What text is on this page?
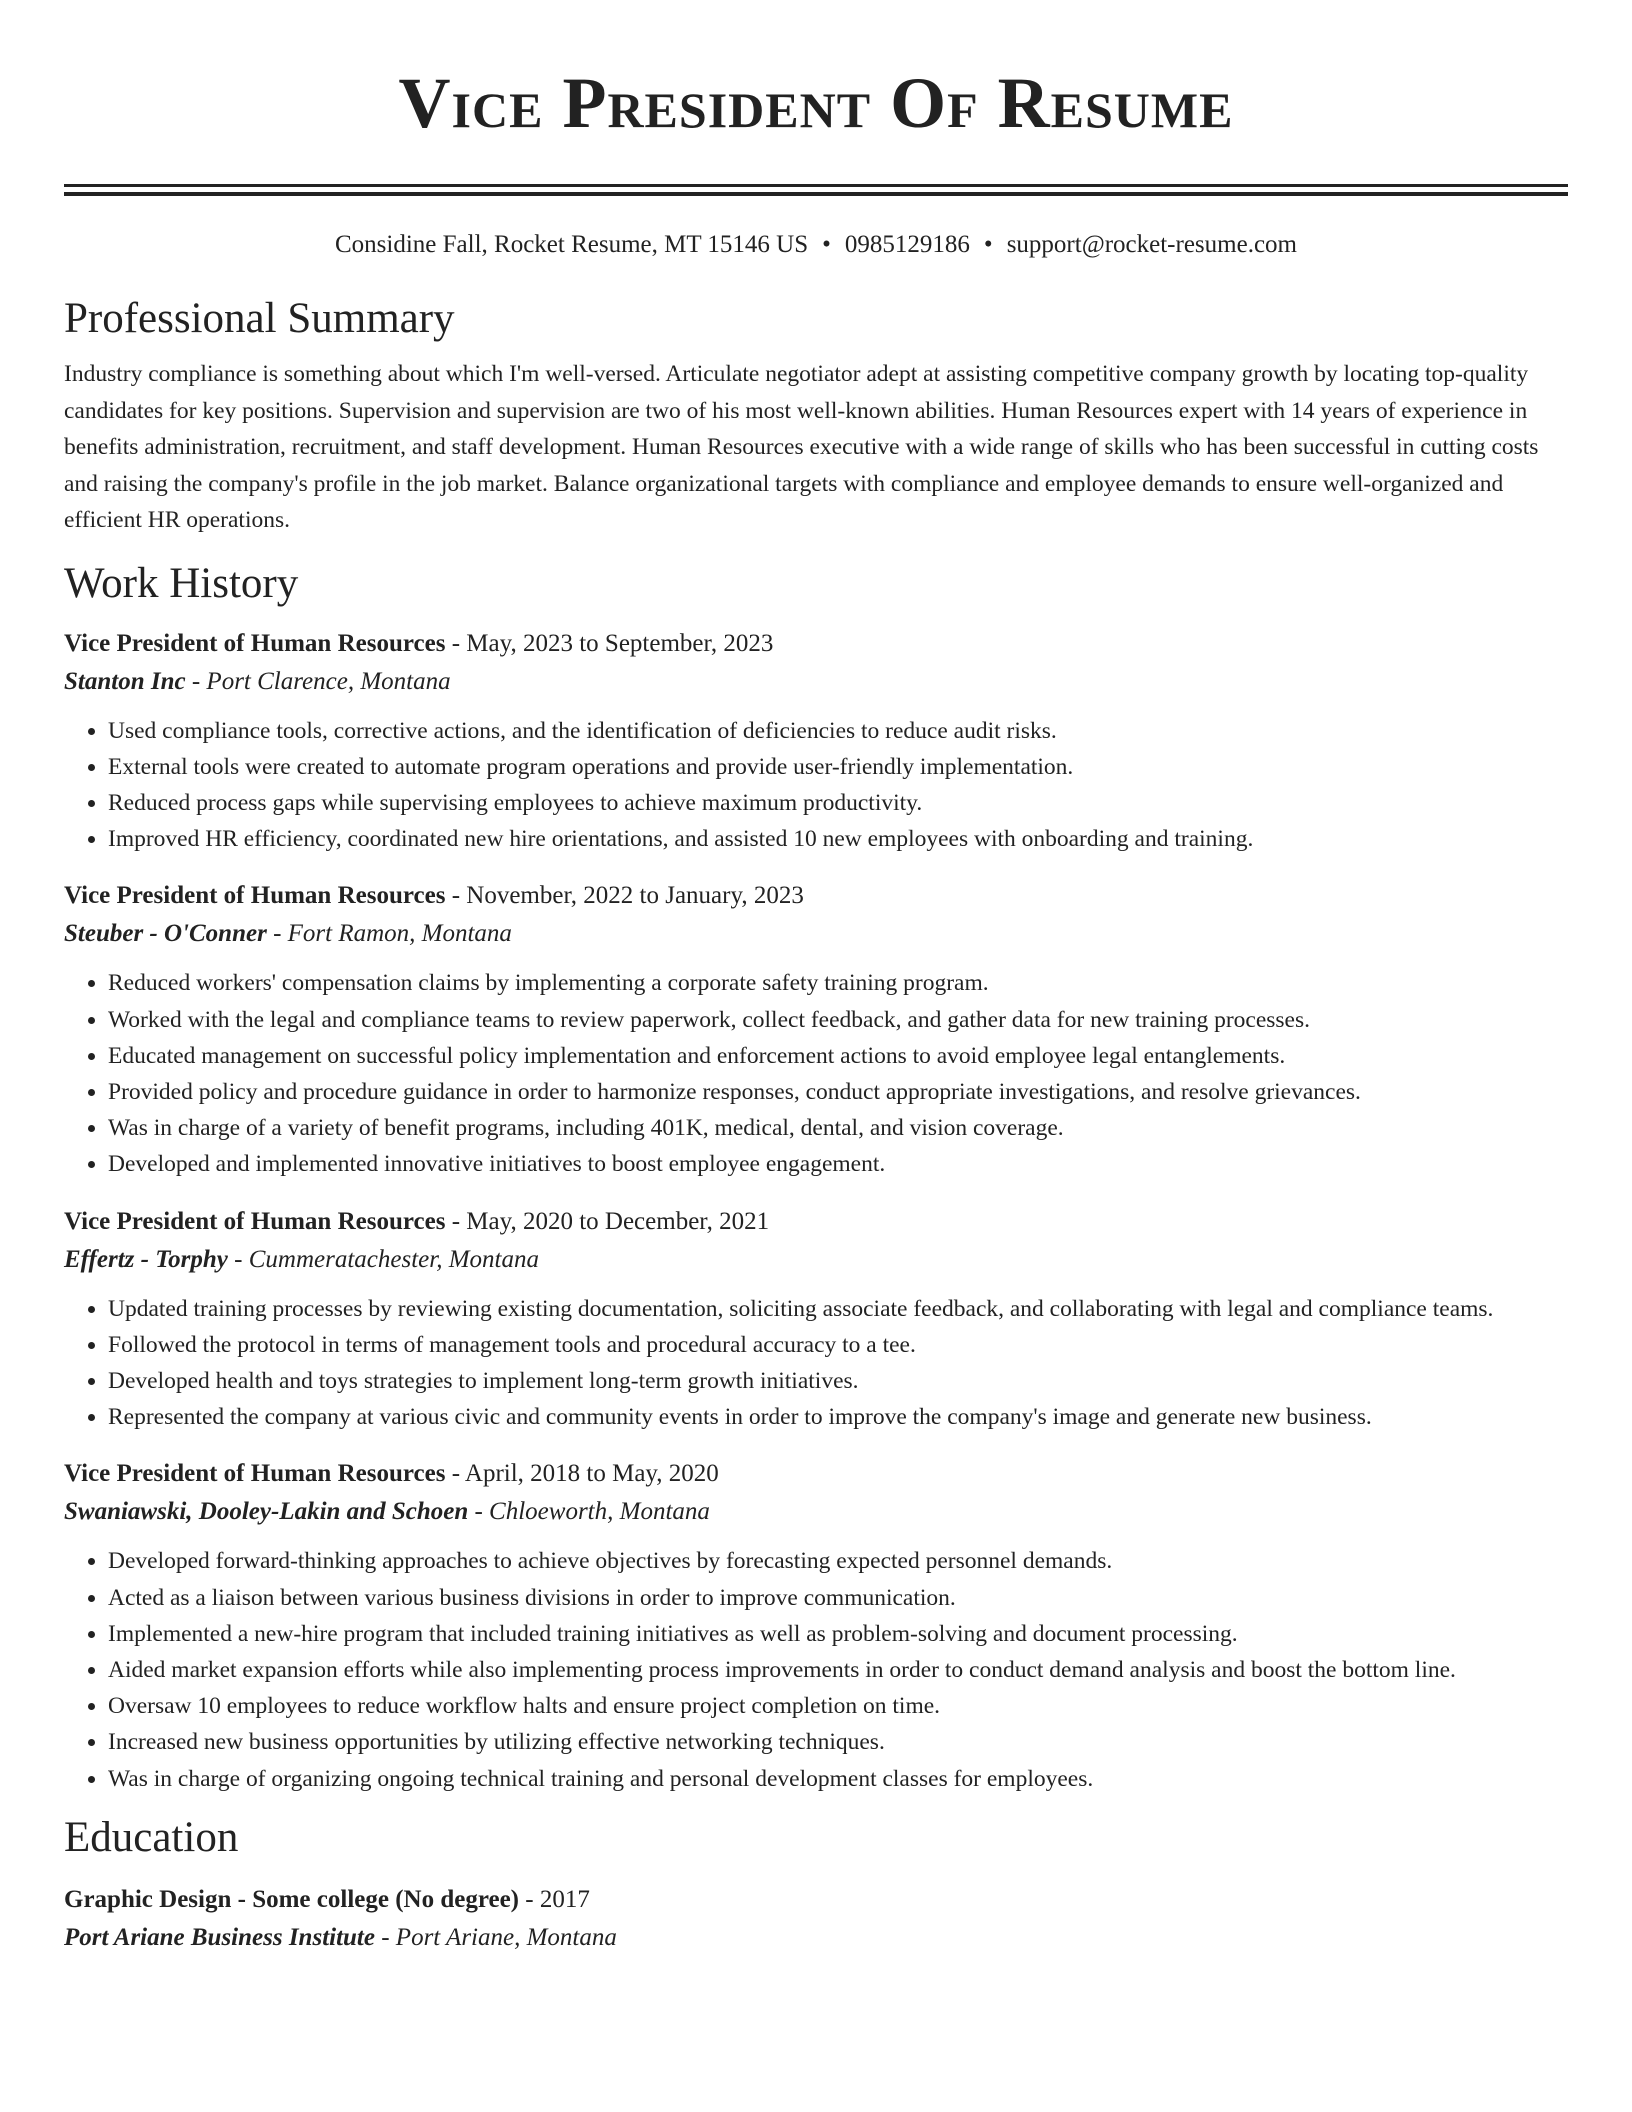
Vice President Of Resume
Considine Fall, Rocket Resume, MT 15146 US • 0985129186 • support@rocket-resume.com
Professional Summary

Industry compliance is something about which I'm well-versed. Articulate negotiator adept at assisting competitive company growth by locating top-quality candidates for key positions. Supervision and supervision are two of his most well-known abilities. Human Resources expert with 14 years of experience in benefits administration, recruitment, and staff development. Human Resources executive with a wide range of skills who has been successful in cutting costs and raising the company's profile in the job market. Balance organizational targets with compliance and employee demands to ensure well-organized and efficient HR operations.

Work History
Vice President of Human Resources - May, 2023 to September, 2023
Stanton Inc - Port Clarence, Montana
• Used compliance tools, corrective actions, and the identification of deficiencies to reduce audit risks.
• External tools were created to automate program operations and provide user-friendly implementation.
• Reduced process gaps while supervising employees to achieve maximum productivity.
• Improved HR efficiency, coordinated new hire orientations, and assisted 10 new employees with onboarding and training.
Vice President of Human Resources - November, 2022 to January, 2023
Steuber - O'Conner - Fort Ramon, Montana
• Reduced workers' compensation claims by implementing a corporate safety training program.
• Worked with the legal and compliance teams to review paperwork, collect feedback, and gather data for new training processes.
• Educated management on successful policy implementation and enforcement actions to avoid employee legal entanglements.
• Provided policy and procedure guidance in order to harmonize responses, conduct appropriate investigations, and resolve grievances.
• Was in charge of a variety of benefit programs, including 401K, medical, dental, and vision coverage.
• Developed and implemented innovative initiatives to boost employee engagement.
Vice President of Human Resources - May, 2020 to December, 2021
Effertz - Torphy - Cummeratachester, Montana
• Updated training processes by reviewing existing documentation, soliciting associate feedback, and collaborating with legal and compliance teams.
• Followed the protocol in terms of management tools and procedural accuracy to a tee.
• Developed health and toys strategies to implement long-term growth initiatives.
• Represented the company at various civic and community events in order to improve the company's image and generate new business.
Vice President of Human Resources - April, 2018 to May, 2020
Swaniawski, Dooley-Lakin and Schoen - Chloeworth, Montana
• Developed forward-thinking approaches to achieve objectives by forecasting expected personnel demands.
• Acted as a liaison between various business divisions in order to improve communication.
• Implemented a new-hire program that included training initiatives as well as problem-solving and document processing.
• Aided market expansion efforts while also implementing process improvements in order to conduct demand analysis and boost the bottom line.
• Oversaw 10 employees to reduce workflow halts and ensure project completion on time.
• Increased new business opportunities by utilizing effective networking techniques.
• Was in charge of organizing ongoing technical training and personal development classes for employees.
Education
Graphic Design - Some college (No degree) - 2017
Port Ariane Business Institute - Port Ariane, Montana
